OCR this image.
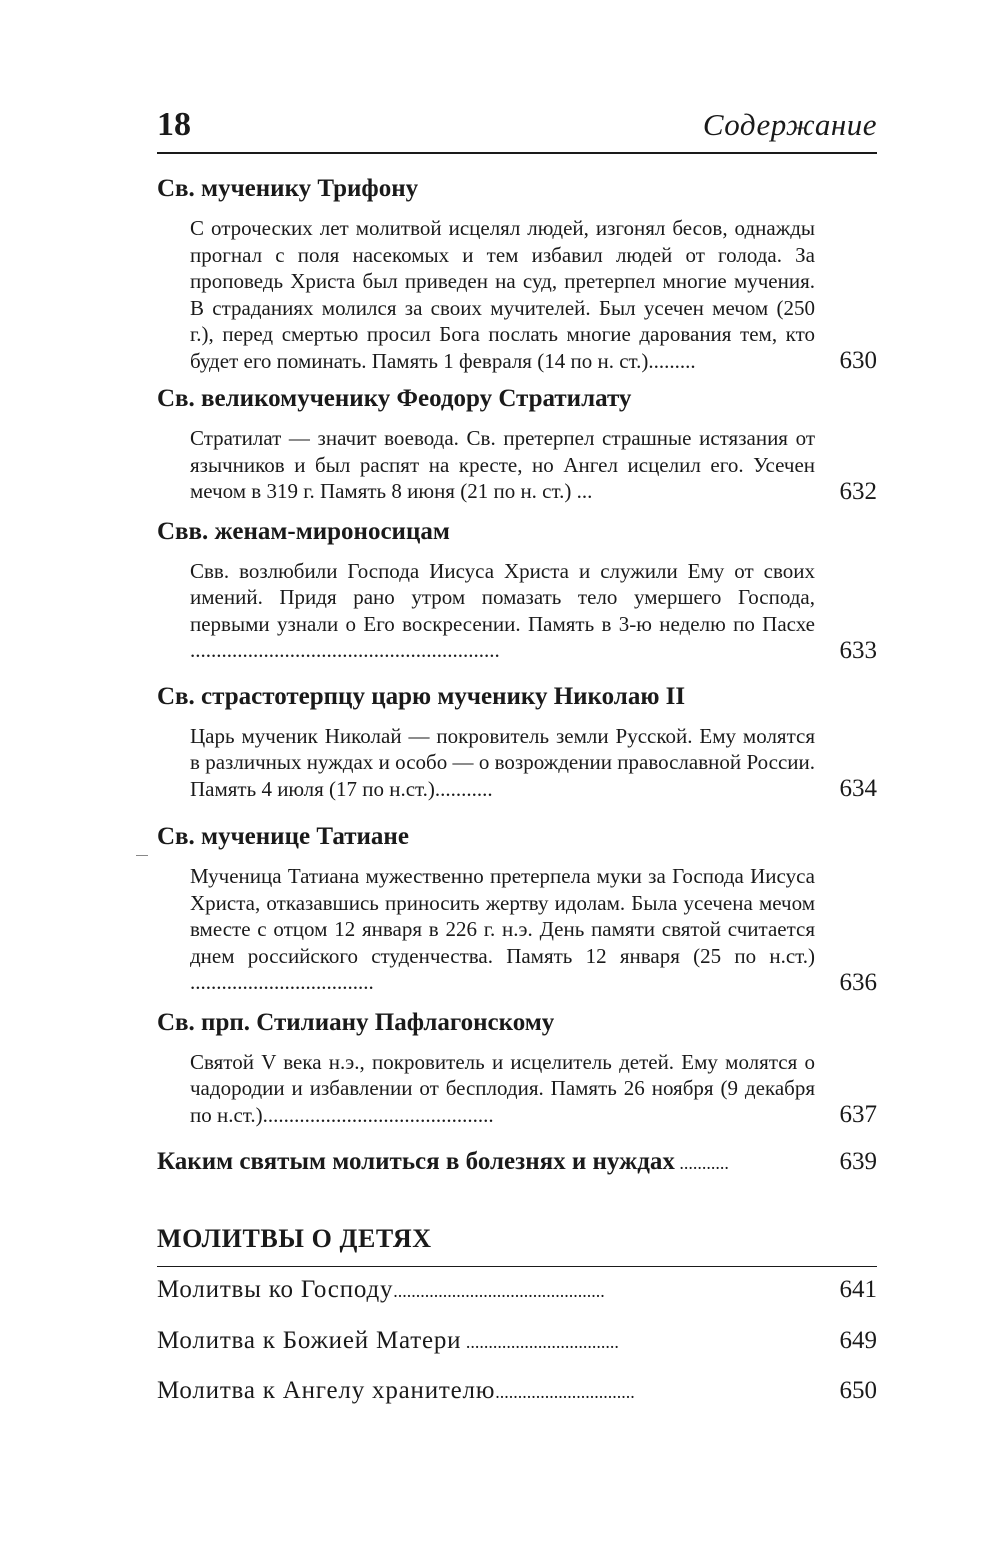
18	Содержание
Св. мученику Трифону
С отроческих лет молитвой исцелял людей, изгонял бесов, однажды прогнал с поля насекомых и тем избавил людей от голода. За проповедь Христа был приведен на суд, претерпел многие мучения. В страданиях молился за своих мучителей. Был усечен мечом (250 г.), перед смертью просил Бога послать многие дарования тем, кто будет его поминать. Память 1 февраля (14 по н. ст.).........	630
Св. великомученику Феодору Стратилату
Стратилат — значит воевода. Св. претерпел страшные истязания от язычников и был распят на кресте, но Ангел исцелил его. Усечен мечом в 319 г. Память 8 июня (21 по н. ст.) ...	632
Свв. женам-мироносицам
Свв. возлюбили Господа Иисуса Христа и служили Ему от своих имений. Придя рано утром помазать тело умершего Господа, первыми узнали о Его воскресении. Память в 3-ю неделю по Пасхе ...........................................................	633
Св. страстотерпцу царю мученику Николаю II
Царь мученик Николай — покровитель земли Русской. Ему молятся в различных нуждах и особо — о возрождении православной России. Память 4 июля (17 по н.ст.)...........	634
Св. мученице Татиане
Мученица Татиана мужественно претерпела муки за Господа Иисуса Христа, отказавшись приносить жертву идолам. Была усечена мечом вместе с отцом 12 января в 226 г. н.э. День памяти святой считается днем российского студенчества. Память 12 января (25 по н.ст.) ...................................	636
Св. прп. Стилиану Пафлагонскому
Святой V века н.э., покровитель и исцелитель детей. Ему молятся о чадородии и избавлении от бесплодия. Память 26 ноября (9 декабря по н.ст.)............................................	637
Каким святым молиться в болезнях и нуждах ...........	639
МОЛИТВЫ О ДЕТЯХ
Молитвы ко Господу...............................................	641
Молитва к Божией Матери ..................................	649
Молитва к Ангелу хранителю...............................	650
